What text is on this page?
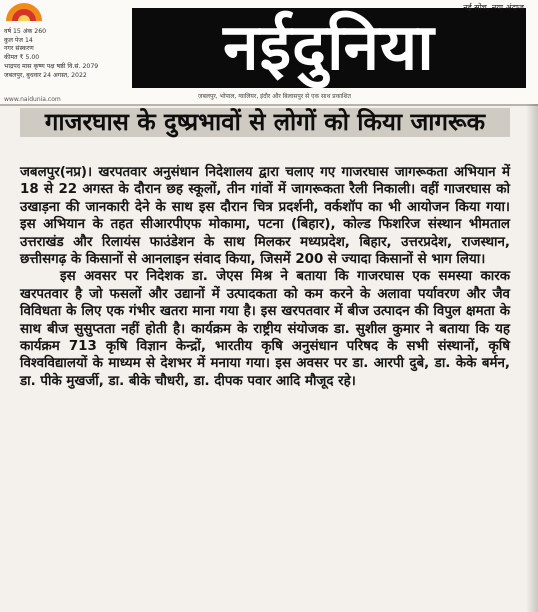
वर्ष 15 अंक 260
कुल पेज 14
नगर संस्करण
कीमत ₹ 5.00
भाद्रपद मास कृष्ण पक्ष षष्ठी वि.सं. 2079
जबलपुर, बुधवार 24 अगस्त, 2022
www.naidunia.com
नईदुनिया
नई सोच, नया अंदाज
जबलपुर, भोपाल, ग्वालियर, इंदौर और बिलासपुर से एक साथ प्रकाशित
गाजरघास के दुष्प्रभावों से लोगों को किया जागरूक

जबलपुर(नप्र)। खरपतवार अनुसंधान निदेशालय द्वारा चलाए गए गाजरघास जागरूकता अभियान में 18 से 22 अगस्त के दौरान छह स्कूलों, तीन गांवों में जागरूकता रैली निकाली। वहीं गाजरघास को उखाड़ना की जानकारी देने के साथ इस दौरान चित्र प्रदर्शनी, वर्कशॉप का भी आयोजन किया गया। इस अभियान के तहत सीआरपीएफ मोकामा, पटना (बिहार), कोल्ड फिशरिज संस्थान भीमताल उत्तराखंड और रिलायंस फाउंडेशन के साथ मिलकर मध्यप्रदेश, बिहार, उत्तरप्रदेश, राजस्थान, छत्तीसगढ़ के किसानों से आनलाइन संवाद किया, जिसमें 200 से ज्यादा किसानों से भाग लिया।

इस अवसर पर निदेशक डा. जेएस मिश्र ने बताया कि गाजरघास एक समस्या कारक खरपतवार है जो फसलों और उद्यानों में उत्पादकता को कम करने के अलावा पर्यावरण और जैव विविधता के लिए एक गंभीर खतरा माना गया है। इस खरपतवार में बीज उत्पादन की विपुल क्षमता के साथ बीज सुसुप्तता नहीं होती है। कार्यक्रम के राष्ट्रीय संयोजक डा. सुशील कुमार ने बताया कि यह कार्यक्रम 713 कृषि विज्ञान केन्द्रों, भारतीय कृषि अनुसंधान परिषद के सभी संस्थानों, कृषि विश्वविद्यालयों के माध्यम से देशभर में मनाया गया। इस अवसर पर डा. आरपी दुबे, डा. केके बर्मन, डा. पीके मुखर्जी, डा. बीके चौधरी, डा. दीपक पवार आदि मौजूद रहे।
